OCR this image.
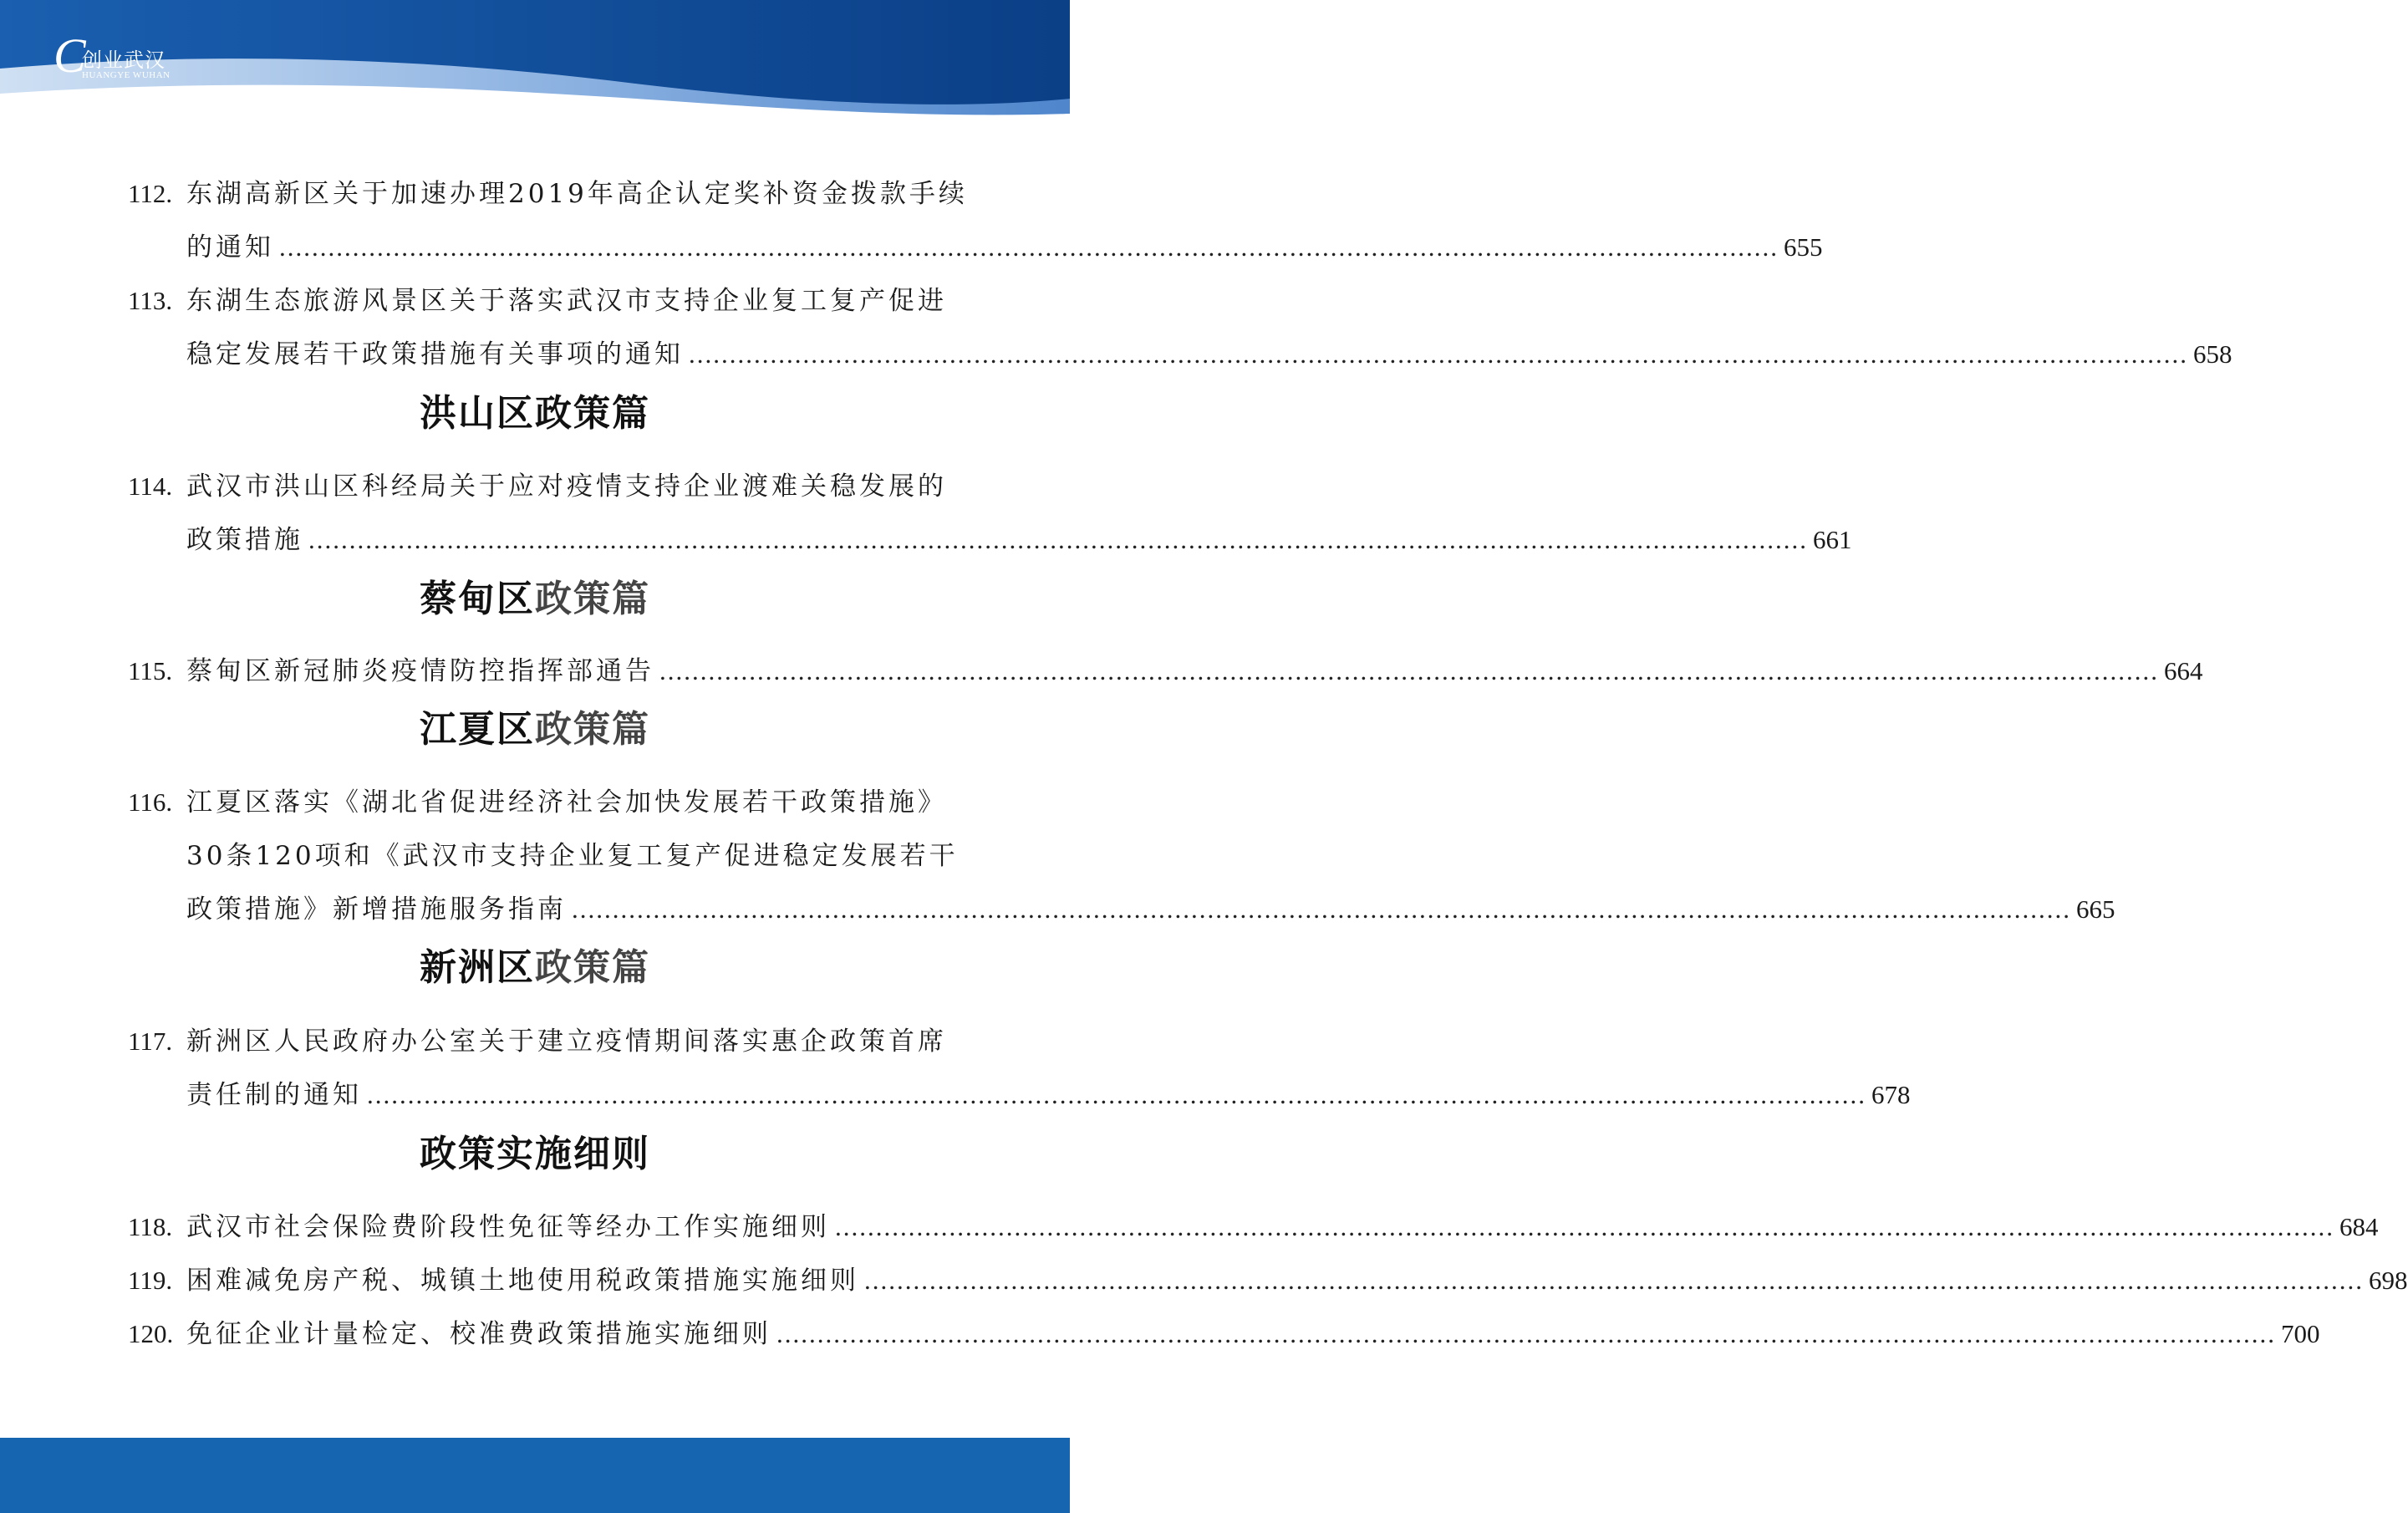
C
创业武汉
HUANGYE WUHAN
112. 东湖高新区关于加速办理2019年高企认定奖补资金拨款手续
的通知 ........................................................................................................................................................................................ 655
113. 东湖生态旅游风景区关于落实武汉市支持企业复工复产促进
稳定发展若干政策措施有关事项的通知 ........................................................................................................................................................................................ 658
洪山区政策篇
114. 武汉市洪山区科经局关于应对疫情支持企业渡难关稳发展的
政策措施 ........................................................................................................................................................................................ 661
蔡甸区政策篇
115. 蔡甸区新冠肺炎疫情防控指挥部通告 ........................................................................................................................................................................................ 664
江夏区政策篇
116. 江夏区落实《湖北省促进经济社会加快发展若干政策措施》
30条120项和《武汉市支持企业复工复产促进稳定发展若干
政策措施》新增措施服务指南 ........................................................................................................................................................................................ 665
新洲区政策篇
117. 新洲区人民政府办公室关于建立疫情期间落实惠企政策首席
责任制的通知 ........................................................................................................................................................................................ 678
政策实施细则
118. 武汉市社会保险费阶段性免征等经办工作实施细则 ........................................................................................................................................................................................ 684
119. 困难减免房产税、城镇土地使用税政策措施实施细则 ........................................................................................................................................................................................ 698
120. 免征企业计量检定、校准费政策措施实施细则 ........................................................................................................................................................................................ 700
